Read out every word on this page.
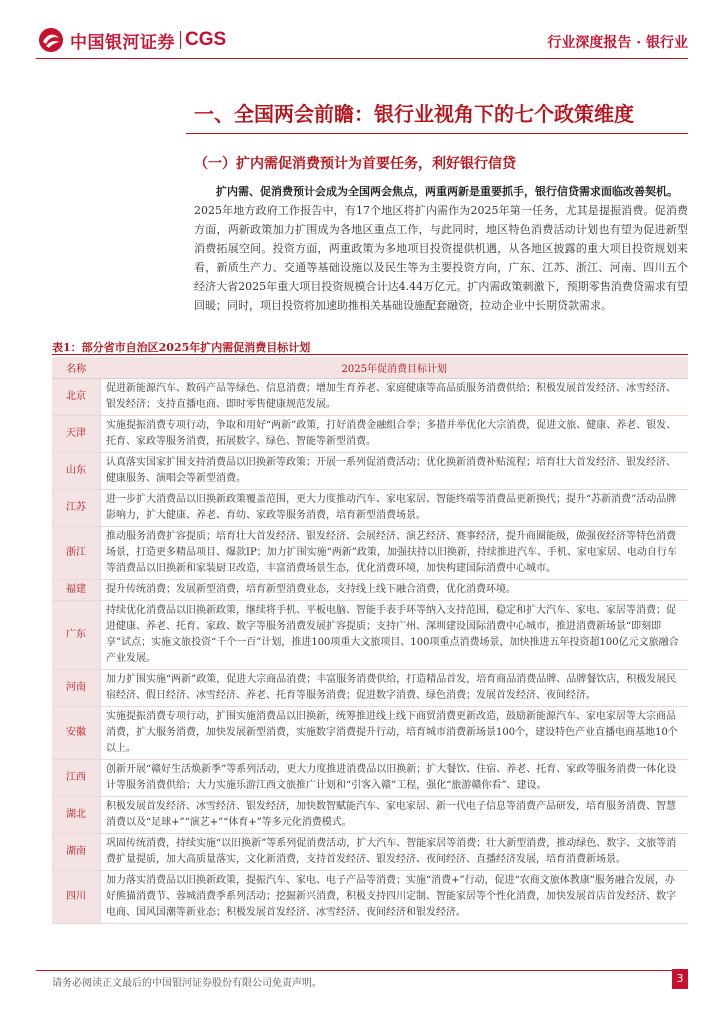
中国银河证券 CGS	行业深度报告 · 银行业
一、全国两会前瞻：银行业视角下的七个政策维度
（一）扩内需促消费预计为首要任务，利好银行信贷
扩内需、促消费预计会成为全国两会焦点，两重两新是重要抓手，银行信贷需求面临改善契机。
2025年地方政府工作报告中，有17个地区将扩内需作为2025年第一任务，尤其是提振消费。促消费方面，两新政策加力扩围成为各地区重点工作，与此同时，地区特色消费活动计划也有望为促进新型消费拓展空间。投资方面，两重政策为多地项目投资提供机遇，从各地区披露的重大项目投资规划来看，新质生产力、交通等基础设施以及民生等为主要投资方向，广东、江苏、浙江、河南、四川五个经济大省2025年重大项目投资规模合计达4.44万亿元。扩内需政策刺激下，预期零售消费贷需求有望回暖；同时，项目投资将加速助推相关基础设施配套融资，拉动企业中长期贷款需求。
表1：部分省市自治区2025年扩内需促消费目标计划
名称	2025年促消费目标计划
北京	促进新能源汽车、数码产品等绿色、信息消费；增加生育养老、家庭健康等高品质服务消费供给；积极发展首发经济、冰雪经济、银发经济；支持直播电商、即时零售健康规范发展。
天津	实施提振消费专项行动，争取和用好“两新”政策，打好消费金融组合拳；多措并举优化大宗消费，促进文旅、健康、养老、银发、托育、家政等服务消费，拓展数字、绿色、智能等新型消费。
山东	认真落实国家扩围支持消费品以旧换新等政策；开展一系列促消费活动；优化换新消费补贴流程；培育壮大首发经济、银发经济、健康服务、演唱会等新型消费。
江苏	进一步扩大消费品以旧换新政策覆盖范围，更大力度推动汽车、家电家居、智能终端等消费品更新换代；提升“苏新消费”活动品牌影响力，扩大健康、养老、育幼、家政等服务消费，培育新型消费场景。
浙江	推动服务消费扩容提质；培育壮大首发经济、银发经济、会展经济、演艺经济、赛事经济，提升商圈能级，做强夜经济等特色消费场景，打造更多精品项目、爆款IP；加力扩围实施“两新”政策，加强扶持以旧换新，持续推进汽车、手机、家电家居、电动自行车等消费品以旧换新和家装厨卫改造，丰富消费场景生态，优化消费环境，加快构建国际消费中心城市。
福建	提升传统消费；发展新型消费，培育新型消费业态，支持线上线下融合消费，优化消费环境。
广东	持续优化消费品以旧换新政策，继续将手机、平板电脑、智能手表手环等纳入支持范围，稳定和扩大汽车、家电、家居等消费；促进健康、养老、托育、家政、数字等服务消费发展扩容提质；支持广州、深圳建设国际消费中心城市，推进消费新场景“即刻即享”试点；实施文旅投资“千个一百”计划，推进100项重大文旅项目、100项重点消费场景，加快推进五年投资超100亿元文旅融合产业发展。
河南	加力扩围实施“两新”政策，促进大宗商品消费；丰富服务消费供给，打造精品首发，培育商品消费品牌、品牌餐饮店，积极发展民宿经济、假日经济、冰雪经济、养老、托育等服务消费；促进数字消费、绿色消费；发展首发经济、夜间经济。
安徽	实施提振消费专项行动，扩围实施消费品以旧换新，统筹推进线上线下商贸消费更新改造，鼓励新能源汽车、家电家居等大宗商品消费，扩大服务消费，加快发展新型消费，实施数字消费提升行动，培育城市消费新场景100个，建设特色产业直播电商基地10个以上。
江西	创新开展“赣好生活焕新季”等系列活动，更大力度推进消费品以旧换新；扩大餐饮、住宿、养老、托育、家政等服务消费一体化设计等服务消费供给；大力实施乐游江西文旅推广计划和“引客入赣”工程，强化“旅游赣你看”、建设。
湖北	积极发展首发经济、冰雪经济、银发经济，加快数智赋能汽车、家电家居、新一代电子信息等消费产品研发，培育服务消费、智慧消费以及“足球+”“演艺+”“体育+”等多元化消费模式。
湖南	巩固传统消费，持续实施“以旧换新”等系列促消费活动，扩大汽车、智能家居等消费；壮大新型消费，推动绿色、数字、文旅等消费扩量提质，加大高质量落实，文化新消费，支持首发经济、银发经济、夜间经济、直播经济发展，培育消费新场景。
四川	加力落实消费品以旧换新政策，提振汽车、家电、电子产品等消费；实施“消费+”行动，促进“农商文旅体教康”服务融合发展，办好熊猫消费节、蓉城消费季系列活动；挖掘新兴消费，积极支持四川定制、智能家居等个性化消费，加快发展首店首发经济、数字电商、国风国潮等新业态；积极发展首发经济、冰雪经济、夜间经济和银发经济。
请务必阅读正文最后的中国银河证券股份有限公司免责声明。	3
